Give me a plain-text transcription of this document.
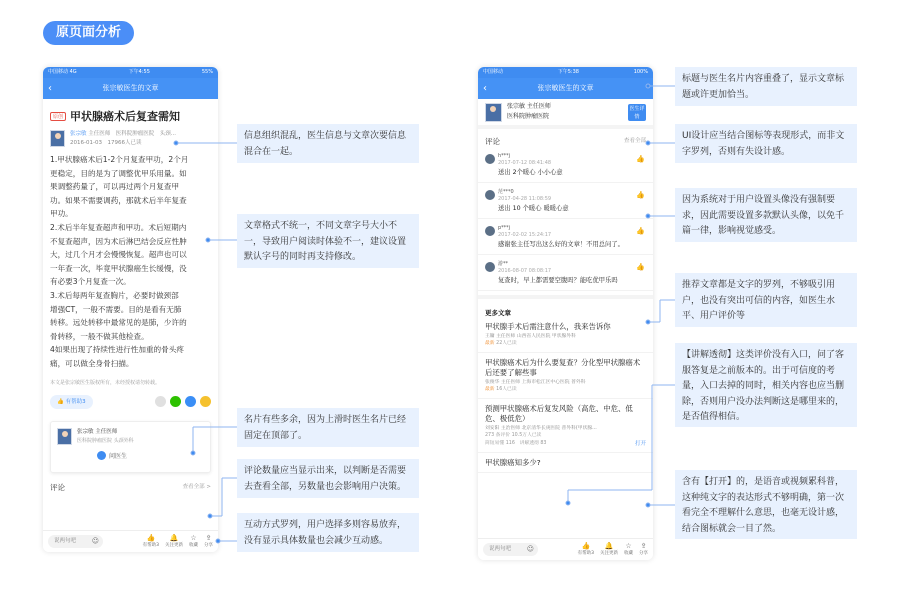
原页面分析
中国移动 4G	下午4:55	55%
‹	张宗敏医生的文章
原创 甲状腺癌术后复查需知
张宗敏 主任医师　医科院肿瘤医院　头颈...
2016-01-03　17966人已读
1.甲状腺癌术后1-2个月复查甲功，2个月
更稳定，目的是为了调整优甲乐用量。如
果调整药量了，可以再过两个月复查甲
功。如果不需要调药，那就术后半年复查
甲功。
2.术后半年复查超声和甲功。术后短期内
不复查超声，因为术后淋巴结会反应性肿
大，过几个月才会慢慢恢复。超声也可以
一年查一次，毕竟甲状腺癌生长缓慢，没
有必要3个月复查一次。
3.术后每两年复查胸片，必要时做颈部
增强CT，一般不需要。目的是看有无肺
转移。远处转移中最常见的是肺，少许的
骨转移，一般不做其他检查。
4如果出现了持续性进行性加重的骨头疼
痛，可以做全身骨扫描。
本文是张宗敏医生版权所有，未经授权请勿转载。
👍 有帮助3
张宗敏 主任医师
医科院肿瘤医院 头颈外科
问医生
评论	查看全部 >
说两句吧 ☺	👍
有帮助3
🔔
关注更新
☆
收藏
⇪
分享
中国移动	下午5:38	100%
‹	张宗敏医生的文章
张宗敏 主任医师
医科院肿瘤医院
医生详情
评论	查看全部
h***j
2017-07-12 08:41:48
送出 2个暖心 小小心意
👍
范***0
2017-04-28 11:08:59
送出 10 个暖心 暖暖心意
👍
p***j
2017-02-02 15:24:17
感谢张主任写出这么好的文章！不用总问了。
👍
游**
2016-08-07 08:08:17
复查时，早上都需要空腹吗？能吃优甲乐吗
👍
更多文章
甲状腺手术后需注意什么，我来告诉你
王镛 主任医师 山西省人民医院 甲状腺外科
最新 22人已读
甲状腺癌术后为什么要复查？分化型甲状腺癌术后还要了解些事
张俊华 主任医师 上海市松江区中心医院 普外科
最新 16人已读
预测甲状腺癌术后复发风险（高危、中危、低危、极低危）
刘安阳 主治医师 北京清华长庚医院 普外科(甲状腺...
273 条评价 10.5万人已读
简短易懂 116　讲解透彻 83	打开
甲状腺癌知多少?
说两句吧 ☺	👍
有帮助3
🔔
关注更新
☆
收藏
⇪
分享
信息组织混乱，医生信息与文章次要信息混合在一起。
文章格式不统一，不同文章字号大小不一，导致用户阅读时体验不一，建议设置默认字号的同时再支持修改。
名片有些多余，因为上滑时医生名片已经固定在顶部了。
评论数量应当显示出来，以判断是否需要去查看全部，另数量也会影响用户决策。
互动方式罗列，用户选择多则容易放弃，没有显示具体数量也会减少互动感。
标题与医生名片内容重叠了，显示文章标题或许更加恰当。
UI设计应当结合图标等表现形式，而非文字罗列，否则有失设计感。
因为系统对于用户设置头像没有强制要求，因此需要设置多款默认头像，以免千篇一律，影响视觉感受。
推荐文章都是文字的罗列，不够吸引用户，也没有突出可信的内容，如医生水平、用户评价等
【讲解透彻】这类评价没有入口，问了客服答复是之前版本的。出于可信度的考量，入口去掉的同时，相关内容也应当删除，否则用户没办法判断这是哪里来的，是否值得相信。
含有【打开】的，是语音或视频累科普，这种纯文字的表达形式不够明确，第一次看完全不理解什么意思，也毫无设计感，结合图标就会一目了然。
